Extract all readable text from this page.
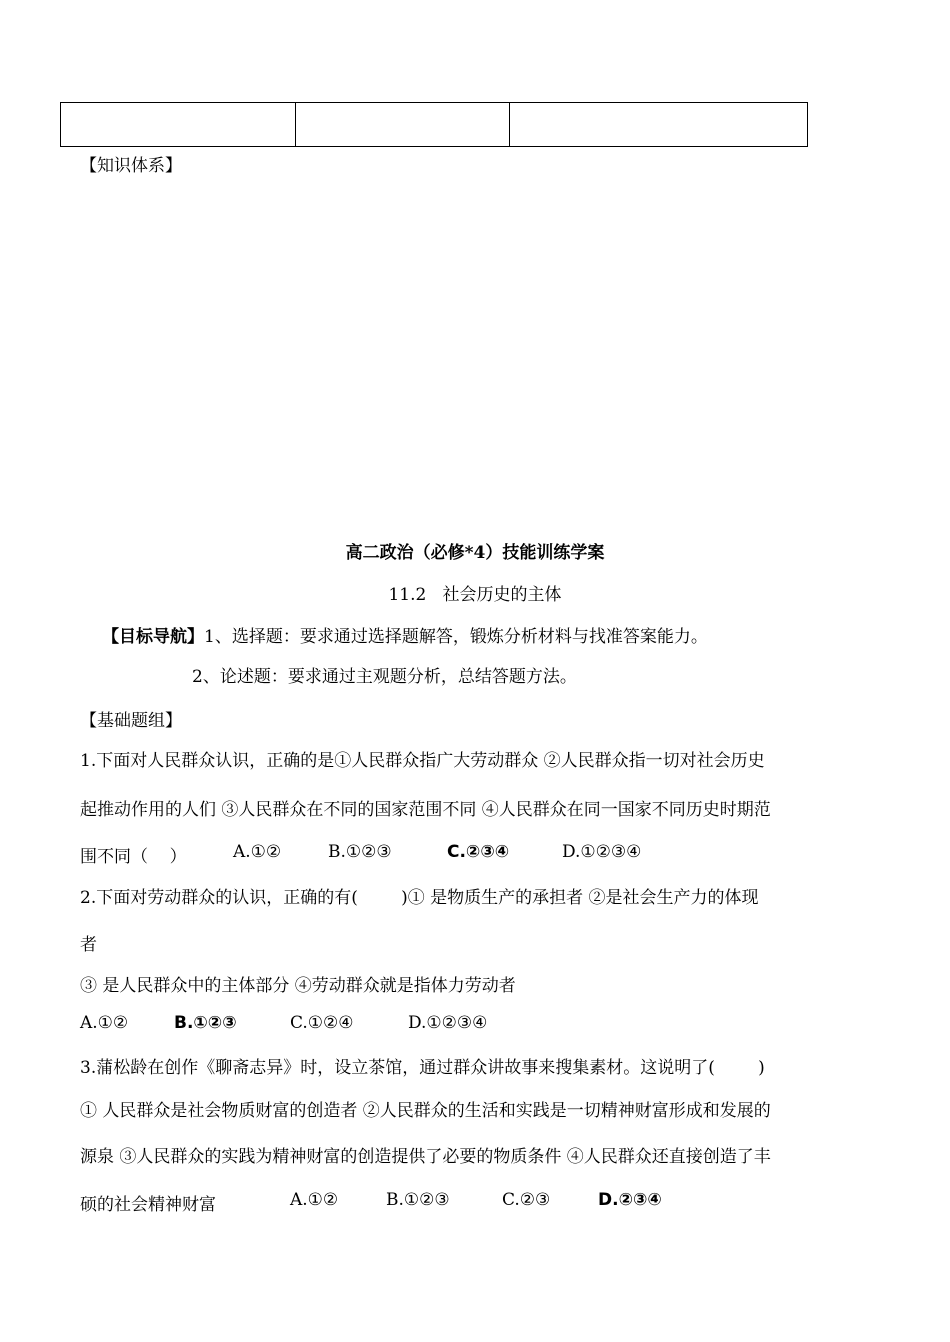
【知识体系】
高二政治（必修*4）技能训练学案
11.2   社会历史的主体
【目标导航】1、选择题：要求通过选择题解答，锻炼分析材料与找准答案能力。
2、论述题：要求通过主观题分析，总结答题方法。
【基础题组】
1.下面对人民群众认识，正确的是①人民群众指广大劳动群众 ②人民群众指一切对社会历史
起推动作用的人们 ③人民群众在不同的国家范围不同 ④人民群众在同一国家不同历史时期范
围不同（    ）	A.①②	B.①②③	C.②③④	D.①②③④
2.下面对劳动群众的认识，正确的有(        )① 是物质生产的承担者 ②是社会生产力的体现
者
③ 是人民群众中的主体部分 ④劳动群众就是指体力劳动者
A.①②	B.①②③	C.①②④	D.①②③④
3.蒲松龄在创作《聊斋志异》时，设立茶馆，通过群众讲故事来搜集素材。这说明了(        )
① 人民群众是社会物质财富的创造者 ②人民群众的生活和实践是一切精神财富形成和发展的
源泉 ③人民群众的实践为精神财富的创造提供了必要的物质条件 ④人民群众还直接创造了丰
硕的社会精神财富	A.①②	B.①②③	C.②③	D.②③④
